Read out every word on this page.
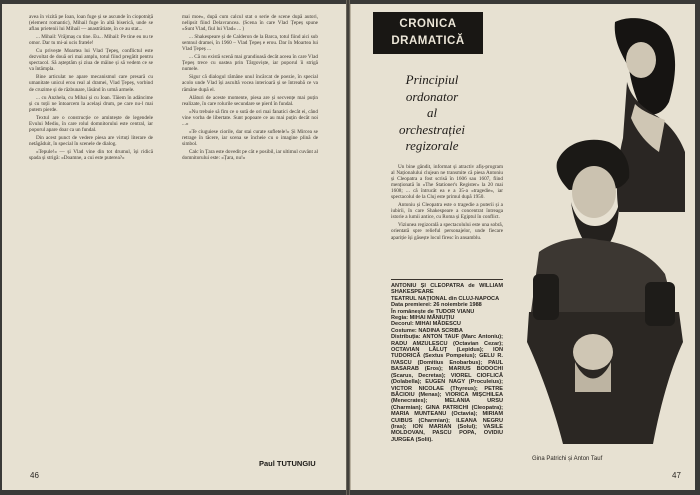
avea în vizită pe Ioan, loan fuge și se ascunde în ciopotniță (element romantic), Mihail fuge în altă biserică, unde se aflau prietenii lui Mihail — anastrătiate, în ce au stat...

... Mihail: Vrăjmaș cu tine. Eu... Mihail: Pe tine eu nu te omor. Dar tu mi-ai ucis fratele!

Cu privește Moartea lui Vlad Țepeș, conflictul este dezvoltat de două ori mai amplu, totul fiind pregătit pentru spectacol. Să așteptăm și ziua de mâine și să vedem ce se va întâmpla.

Bine articulat ne apare mecanismul care presară cu umanitate unicul erou real al dramei, Vlad Țepeș, vorbind de cruzime și de răzbunare, lăsând în urmă armele.

... cu Anzhela, cu Mihai și cu Ioan. Tăiem în adâncime și cu toții ne întoarcem la același drum, pe care nu-l mai putem pierde.

Textul are o construcție ce amintește de legendele Evului Mediu, în care rolul domnitorului este central, iar poporul apare doar ca un fundal.

Din acest punct de vedere piesa are virtuți literare de netăgăduit, în special în scenele de dialog.

«Tepule!» — și Vlad vine din tot drumul, își ridică spada și strigă: «Doamne, a cui este puterea?»

mai moe», după cum calcul stat o serie de scene după autori, nelipsit fiind Delavrancea. (Scena în care Vlad Țepeș spune «Sunt Vlad, fiul lui Vlad» ... )

... Shakespeare și de Calderon de la Barca, totul fiind aici sub semnul dramei, în 1960 – Vlad Țepeș e erou. Dar în Moartea lui Vlad Țepeș ...

... Că nu există scenă mai grandioasă decât aceea în care Vlad Țepeș trece cu oastea prin Târgoviște, iar poporul îi strigă numele.

Sigur că dialogul rămâne unul încărcat de poezie, în special acolo unde Vlad își ascultă vocea interioară și se întreabă ce va rămâne după el.

Alături de aceste momente, piesa are și secvențe mai puțin realizate, în care rolurile secundare se pierd în fundal.

«Nu trebuie să fim ce o sută de ori mai fanatici decât ei, când vine vorba de libertate. Sunt popoare ce au mai puțin decât noi ...»

«Te ciuguiese ciorile, dar stai curate sufletele!» Și Mircea se retrage în tăcere, iar scena se încheie cu o imagine plină de simbol.

Calc în Țara este dovedit pe cât e posibil, iar ultimul cuvânt al domnitorului este: «Țara, nu!»

Paul TUTUNGIU
46
CRONICA
DRAMATICĂ
Principiul
ordonator
al
orchestrației
regizorale

Un bine gândit, informat și atractiv afiș-program al Naționalului clujean ne transmite că piesa Antoniu și Cleopatra a fost scrisă în 1606 sau 1607, fiind menționată în «The Stationer's Register» la 20 mai 1608; ... că întrucât ea e a 35-a «tragedie», iar spectacolul de la Cluj este primul după 1950.

Antoniu și Cleopatra este o tragedie a puterii și a iubirii, în care Shakespeare a concentrat întreaga istorie a lumii antice, cu Roma și Egiptul în conflict.

Viziunea regizorală a spectacolului este una sobră, orientată spre relieful personajelor, unde fiecare apariție își găsește locul firesc în ansamblu.

ANTONIU ȘI CLEOPATRA de WILLIAM SHAKESPEARE
TEATRUL NAȚIONAL din CLUJ-NAPOCA
Data premierei: 26 noiembrie 1988
În românește de TUDOR VIANU
Regia: MIHAI MĂNIUȚIU
Decorul: MIHAI MĂDESCU
Costume: NADINA SCRIBA
Distribuția: ANTON TAUF (Marc Antoniu); RADU AMZULESCU (Octavian Cezar); OCTAVIAN LĂLUȚ (Lepidus); ION TUDORICĂ (Sextus Pompeius); GELU R. IVASCU (Domitius Enobarbus); PAUL BASARAB (Eros); MARIUS BODOCHI (Scarus, Decretas); VIOREL CIOFLICĂ (Dolabella); EUGEN NAGY (Proculeius); VICTOR NICOLAE (Thyreus); PETRE BĂCIOIU (Menas); VIORICA MIȘCHILEA (Menecrates); MELANIA URSU (Charmian); GINA PATRICHI (Cleopatra); MARIA MUNTEANU (Octavia); MIRIAM CUIBUS (Charmian); ILEANA NEGRU (Iras); ION MARIAN (Solul); VASILE MOLDOVAN, PASCU POPA, OVIDIU JURGEA (Solii).
Gina Patrichi și Anton Tauf
47
